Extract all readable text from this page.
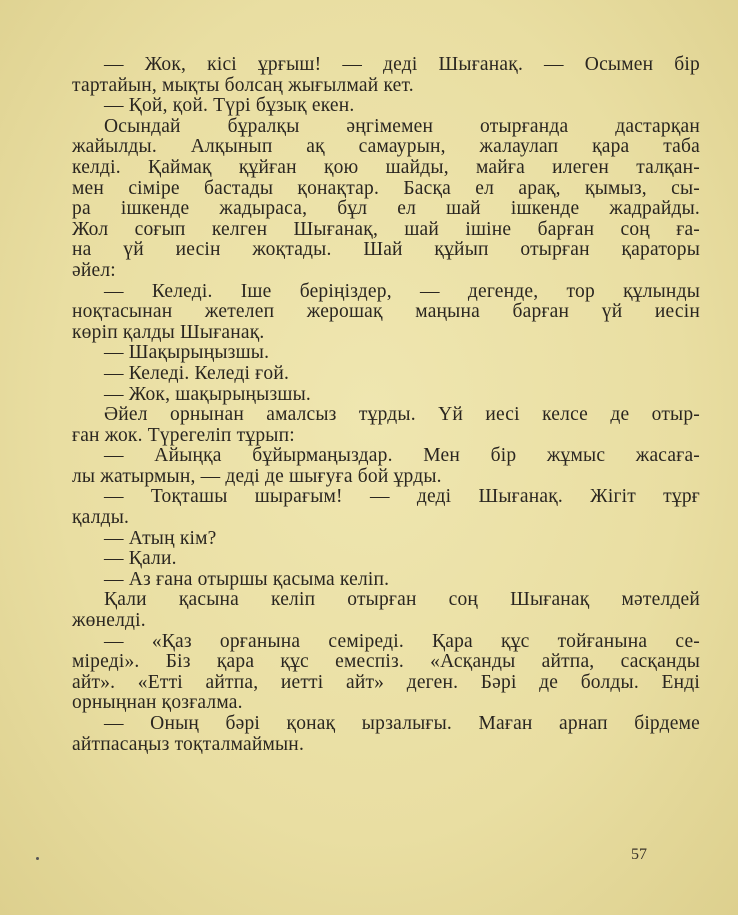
— Жок, кісі ұрғыш! — деді Шығанақ. — Осымен бір
тартайын, мықты болсаң жығылмай кет.
— Қой, қой. Түрі бұзық екен.
Осындай бұралқы әңгімемен отырғанда дастарқан
жайылды. Алқынып ақ самаурын, жалаулап қара таба
келді. Қаймақ құйған қою шайды, майға илеген талқан-
мен сіміре бастады қонақтар. Басқа ел арақ, қымыз, сы-
ра ішкенде жадыраса, бұл ел шай ішкенде жадрайды.
Жол соғып келген Шығанақ, шай ішіне барған соң ға-
на үй иесін жоқтады. Шай құйып отырған қараторы
әйел:
— Келеді. Іше беріңіздер, — дегенде, тор құлынды
ноқтасынан жетелеп жерошақ маңына барған үй иесін
көріп қалды Шығанақ.
— Шақырыңызшы.
— Келеді. Келеді ғой.
— Жок, шақырыңызшы.
Әйел орнынан амалсыз тұрды. Үй иесі келсе де отыр-
ған жок. Түрегеліп тұрып:
— Айыңқа бұйырмаңыздар. Мен бір жұмыс жасаға-
лы жатырмын, — деді де шығуға бой ұрды.
— Тоқташы шырағым! — деді Шығанақ. Жігіт тұрғ
қалды.
— Атың кім?
— Қали.
— Аз ғана отыршы қасыма келіп.
Қали қасына келіп отырған соң Шығанақ мәтелдей
жөнелді.
— «Қаз орғанына семіреді. Қара құс тойғанына се-
міреді». Біз қара құс емеспіз. «Асқанды айтпа, сасқанды
айт». «Етті айтпа, иетті айт» деген. Бәрі де болды. Енді
орныңнан қозғалма.
— Оның бәрі қонақ ырзалығы. Маған арнап бірдеме
айтпасаңыз тоқталмаймын.
57
